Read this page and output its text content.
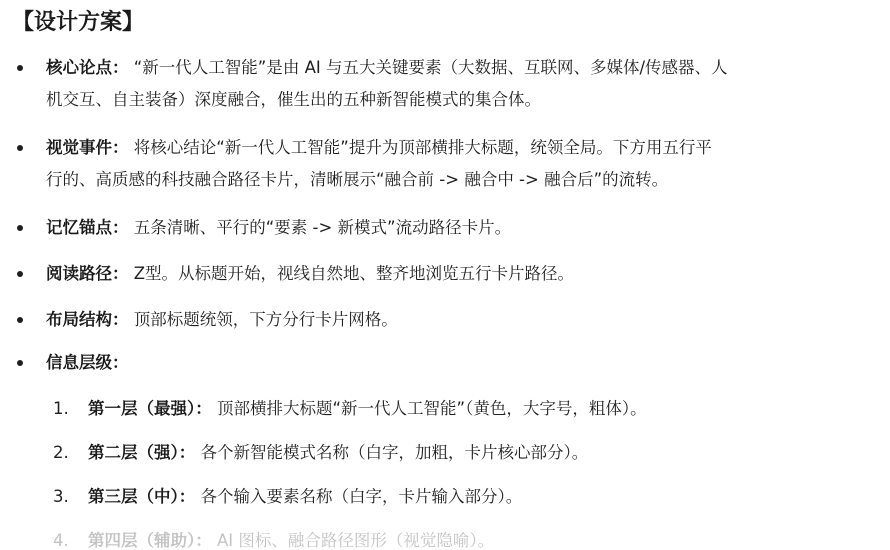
【设计方案】
核心论点： “新一代人工智能”是由 AI 与五大关键要素（大数据、互联网、多媒体/传感器、人
机交互、自主装备）深度融合，催生出的五种新智能模式的集合体。
视觉事件： 将核心结论“新一代人工智能”提升为顶部横排大标题，统领全局。下方用五行平
行的、高质感的科技融合路径卡片，清晰展示“融合前 -> 融合中 -> 融合后”的流转。
记忆锚点： 五条清晰、平行的“要素 -> 新模式”流动路径卡片。
阅读路径： Z型。从标题开始，视线自然地、整齐地浏览五行卡片路径。
布局结构： 顶部标题统领，下方分行卡片网格。
信息层级：
1. 第一层（最强）： 顶部横排大标题“新一代人工智能”（黄色，大字号，粗体）。
2. 第二层（强）： 各个新智能模式名称（白字，加粗，卡片核心部分）。
3. 第三层（中）： 各个输入要素名称（白字，卡片输入部分）。
4. 第四层（辅助）： AI 图标、融合路径图形（视觉隐喻）。
